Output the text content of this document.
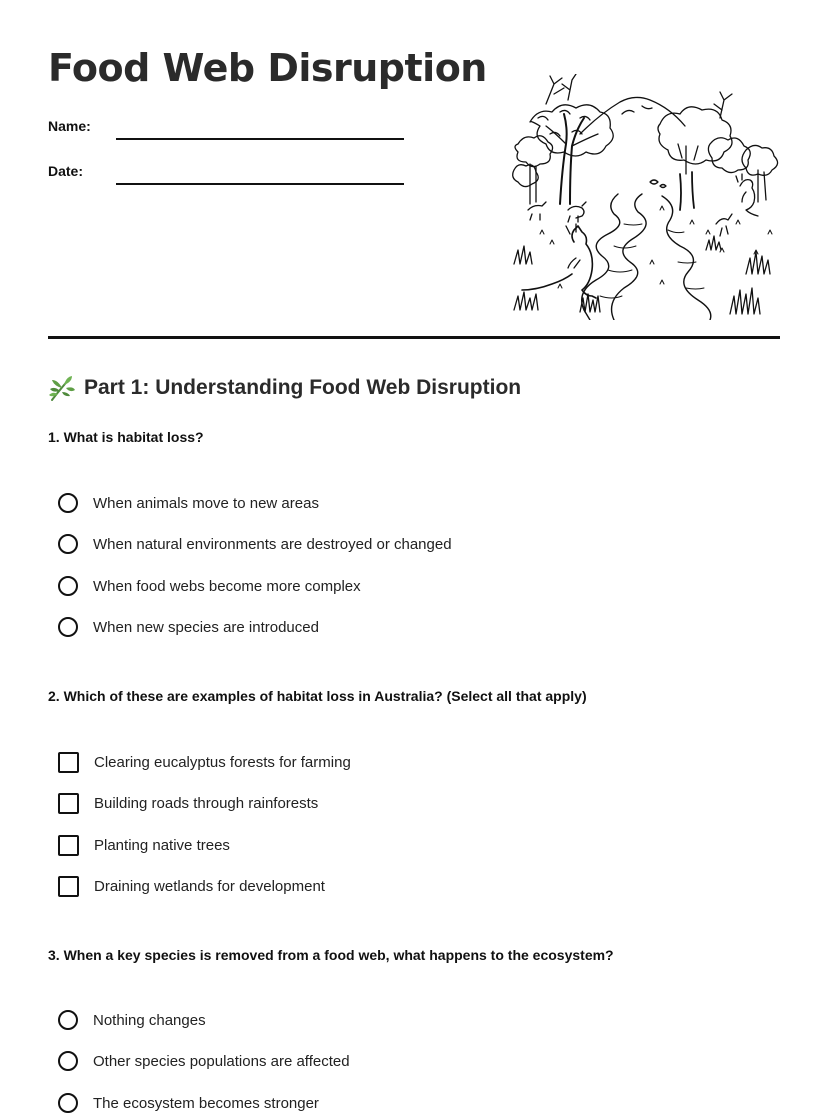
Food Web Disruption
Name:
Date:
Part 1: Understanding Food Web Disruption
1. What is habitat loss?
When animals move to new areas
When natural environments are destroyed or changed
When food webs become more complex
When new species are introduced
2. Which of these are examples of habitat loss in Australia? (Select all that apply)
Clearing eucalyptus forests for farming
Building roads through rainforests
Planting native trees
Draining wetlands for development
3. When a key species is removed from a food web, what happens to the ecosystem?
Nothing changes
Other species populations are affected
The ecosystem becomes stronger
